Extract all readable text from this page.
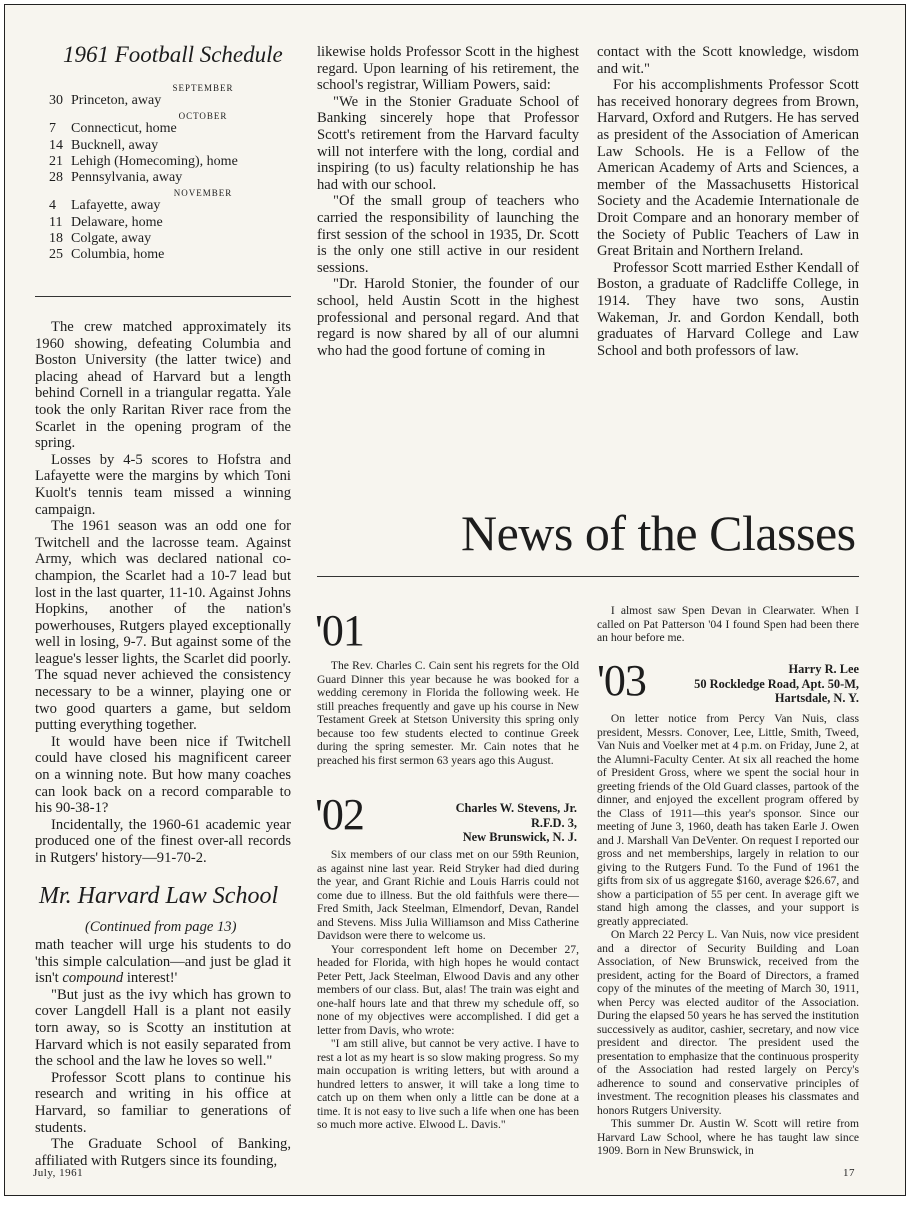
1961 Football Schedule
SEPTEMBER
30 Princeton, away
OCTOBER
7 Connecticut, home
14 Bucknell, away
21 Lehigh (Homecoming), home
28 Pennsylvania, away
NOVEMBER
4 Lafayette, away
11 Delaware, home
18 Colgate, away
25 Columbia, home

The crew matched approximately its 1960 showing, defeating Columbia and Boston University (the latter twice) and placing ahead of Harvard but a length behind Cornell in a triangular regatta. Yale took the only Raritan River race from the Scarlet in the opening program of the spring.

Losses by 4-5 scores to Hofstra and Lafayette were the margins by which Toni Kuolt's tennis team missed a winning campaign.

The 1961 season was an odd one for Twitchell and the lacrosse team. Against Army, which was declared national co-champion, the Scarlet had a 10-7 lead but lost in the last quarter, 11-10. Against Johns Hopkins, another of the nation's powerhouses, Rutgers played exceptionally well in losing, 9-7. But against some of the league's lesser lights, the Scarlet did poorly. The squad never achieved the consistency necessary to be a winner, playing one or two good quarters a game, but seldom putting everything together.

It would have been nice if Twitchell could have closed his magnificent career on a winning note. But how many coaches can look back on a record comparable to his 90-38-1?

Incidentally, the 1960-61 academic year produced one of the finest over-all records in Rutgers' history—91-70-2.

Mr. Harvard Law School
(Continued from page 13)

math teacher will urge his students to do 'this simple calculation—and just be glad it isn't compound interest!'

"But just as the ivy which has grown to cover Langdell Hall is a plant not easily torn away, so is Scotty an institution at Harvard which is not easily separated from the school and the law he loves so well."

Professor Scott plans to continue his research and writing in his office at Harvard, so familiar to generations of students.

The Graduate School of Banking, affiliated with Rutgers since its founding,

likewise holds Professor Scott in the highest regard. Upon learning of his retirement, the school's registrar, William Powers, said:

"We in the Stonier Graduate School of Banking sincerely hope that Professor Scott's retirement from the Harvard faculty will not interfere with the long, cordial and inspiring (to us) faculty relationship he has had with our school.

"Of the small group of teachers who carried the responsibility of launching the first session of the school in 1935, Dr. Scott is the only one still active in our resident sessions.

"Dr. Harold Stonier, the founder of our school, held Austin Scott in the highest professional and personal regard. And that regard is now shared by all of our alumni who had the good fortune of coming in

contact with the Scott knowledge, wisdom and wit."

For his accomplishments Professor Scott has received honorary degrees from Brown, Harvard, Oxford and Rutgers. He has served as president of the Association of American Law Schools. He is a Fellow of the American Academy of Arts and Sciences, a member of the Massachusetts Historical Society and the Academie Internationale de Droit Compare and an honorary member of the Society of Public Teachers of Law in Great Britain and Northern Ireland.

Professor Scott married Esther Kendall of Boston, a graduate of Radcliffe College, in 1914. They have two sons, Austin Wakeman, Jr. and Gordon Kendall, both graduates of Harvard College and Law School and both professors of law.

News of the Classes
'01

The Rev. Charles C. Cain sent his regrets for the Old Guard Dinner this year because he was booked for a wedding ceremony in Florida the following week. He still preaches frequently and gave up his course in New Testament Greek at Stetson University this spring only because too few students elected to continue Greek during the spring semester. Mr. Cain notes that he preached his first sermon 63 years ago this August.

'02	Charles W. Stevens, Jr.
R.F.D. 3,
New Brunswick, N. J.

Six members of our class met on our 59th Reunion, as against nine last year. Reid Stryker had died during the year, and Grant Richie and Louis Harris could not come due to illness. But the old faithfuls were there—Fred Smith, Jack Steelman, Elmendorf, Devan, Randel and Stevens. Miss Julia Williamson and Miss Catherine Davidson were there to welcome us.

Your correspondent left home on December 27, headed for Florida, with high hopes he would contact Peter Pett, Jack Steelman, Elwood Davis and any other members of our class. But, alas! The train was eight and one-half hours late and that threw my schedule off, so none of my objectives were accomplished. I did get a letter from Davis, who wrote:

"I am still alive, but cannot be very active. I have to rest a lot as my heart is so slow making progress. So my main occupation is writing letters, but with around a hundred letters to answer, it will take a long time to catch up on them when only a little can be done at a time. It is not easy to live such a life when one has been so much more active. Elwood L. Davis."

I almost saw Spen Devan in Clearwater. When I called on Pat Patterson '04 I found Spen had been there an hour before me.

'03	Harry R. Lee
50 Rockledge Road, Apt. 50-M,
Hartsdale, N. Y.

On letter notice from Percy Van Nuis, class president, Messrs. Conover, Lee, Little, Smith, Tweed, Van Nuis and Voelker met at 4 p.m. on Friday, June 2, at the Alumni-Faculty Center. At six all reached the home of President Gross, where we spent the social hour in greeting friends of the Old Guard classes, partook of the dinner, and enjoyed the excellent program offered by the Class of 1911—this year's sponsor. Since our meeting of June 3, 1960, death has taken Earle J. Owen and J. Marshall Van DeVenter. On request I reported our gross and net memberships, largely in relation to our giving to the Rutgers Fund. To the Fund of 1961 the gifts from six of us aggregate $160, average $26.67, and show a participation of 55 per cent. In average gift we stand high among the classes, and your support is greatly appreciated.

On March 22 Percy L. Van Nuis, now vice president and a director of Security Building and Loan Association, of New Brunswick, received from the president, acting for the Board of Directors, a framed copy of the minutes of the meeting of March 30, 1911, when Percy was elected auditor of the Association. During the elapsed 50 years he has served the institution successively as auditor, cashier, secretary, and now vice president and director. The president used the presentation to emphasize that the continuous prosperity of the Association had rested largely on Percy's adherence to sound and conservative principles of investment. The recognition pleases his classmates and honors Rutgers University.

This summer Dr. Austin W. Scott will retire from Harvard Law School, where he has taught law since 1909. Born in New Brunswick, in

July, 1961	17
